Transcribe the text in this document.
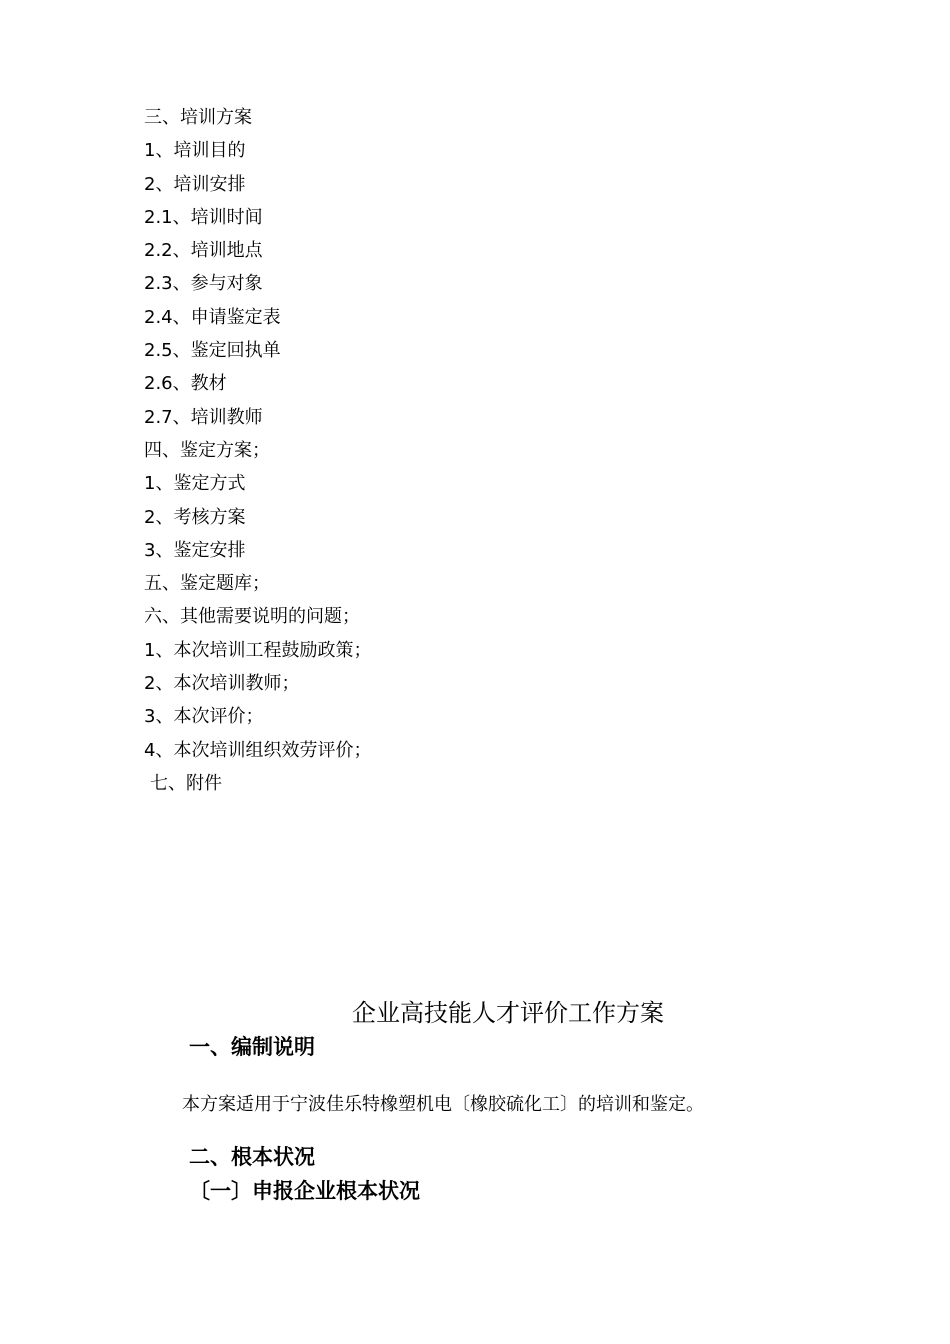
三、培训方案
1、培训目的
2、培训安排
2.1、培训时间
2.2、培训地点
2.3、参与对象
2.4、申请鉴定表
2.5、鉴定回执单
2.6、教材
2.7、培训教师
四、鉴定方案；
1、鉴定方式
2、考核方案
3、鉴定安排
五、鉴定题库；
六、其他需要说明的问题；
1、本次培训工程鼓励政策；
2、本次培训教师；
3、本次评价；
4、本次培训组织效劳评价；
七、附件
企业高技能人才评价工作方案
一、编制说明
本方案适用于宁波佳乐特橡塑机电〔橡胶硫化工〕的培训和鉴定。
二、根本状况
〔一〕申报企业根本状况
